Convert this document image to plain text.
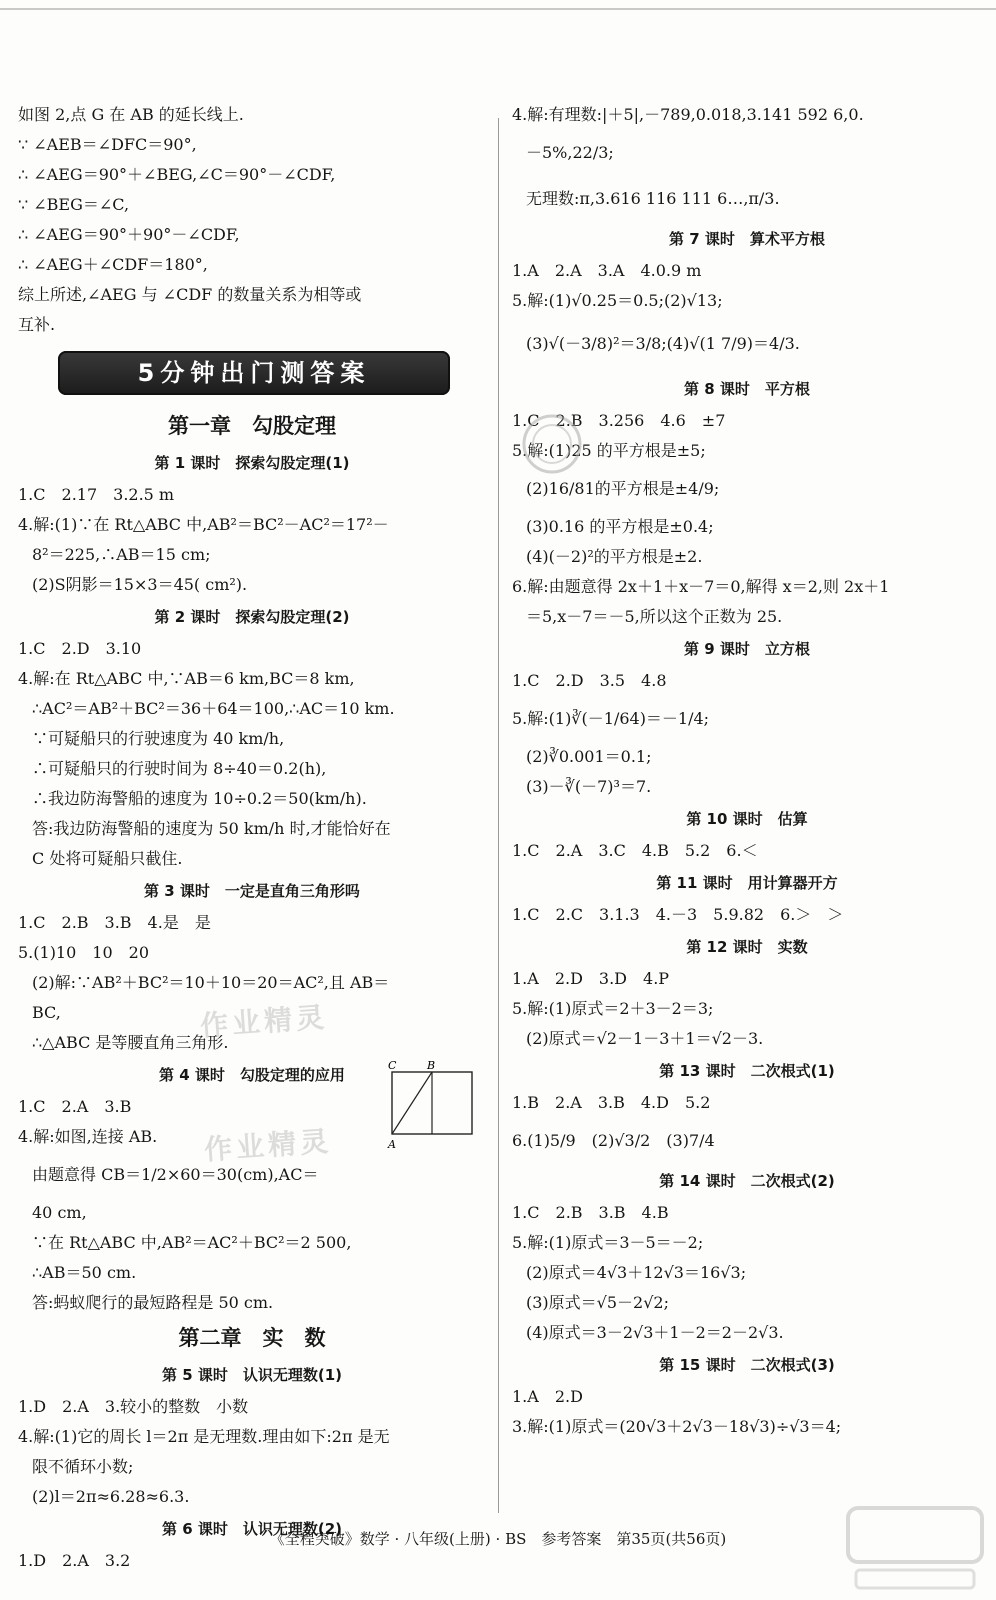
如图 2,点 G 在 AB 的延长线上.
∵ ∠AEB＝∠DFC＝90°,
∴ ∠AEG＝90°＋∠BEG,∠C＝90°－∠CDF,
∵ ∠BEG＝∠C,
∴ ∠AEG＝90°＋90°－∠CDF,
∴ ∠AEG＋∠CDF＝180°,
综上所述,∠AEG 与 ∠CDF 的数量关系为相等或
互补.
5分钟出门测答案
第一章　勾股定理
第 1 课时　探索勾股定理(1)
1.C　2.17　3.2.5 m
4.解:(1)∵在 Rt△ABC 中,AB²＝BC²－AC²＝17²－
8²＝225,∴AB＝15 cm;
(2)S阴影＝15×3＝45( cm²).
第 2 课时　探索勾股定理(2)
1.C　2.D　3.10
4.解:在 Rt△ABC 中,∵AB＝6 km,BC＝8 km,
∴AC²＝AB²＋BC²＝36＋64＝100,∴AC＝10 km.
∵可疑船只的行驶速度为 40 km/h,
∴可疑船只的行驶时间为 8÷40＝0.2(h),
∴我边防海警船的速度为 10÷0.2＝50(km/h).
答:我边防海警船的速度为 50 km/h 时,才能恰好在
C 处将可疑船只截住.
第 3 课时　一定是直角三角形吗
1.C　2.B　3.B　4.是　是
5.(1)10　10　20
(2)解:∵AB²＋BC²＝10＋10＝20＝AC²,且 AB＝
BC,
∴△ABC 是等腰直角三角形.
第 4 课时　勾股定理的应用
1.C　2.A　3.B
4.解:如图,连接 AB.
由题意得 CB＝1/2×60＝30(cm),AC＝
40 cm,
∵在 Rt△ABC 中,AB²＝AC²＋BC²＝2 500,
∴AB＝50 cm.
答:蚂蚁爬行的最短路程是 50 cm.
第二章　实　数
第 5 课时　认识无理数(1)
1.D　2.A　3.较小的整数　小数
4.解:(1)它的周长 l＝2π 是无理数.理由如下:2π 是无
限不循环小数;
(2)l＝2π≈6.28≈6.3.
第 6 课时　认识无理数(2)
1.D　2.A　3.2
C	B
A
4.解:有理数:|＋5|,－789,0.018,3.141 592 6,0.
－5%,22/3;
无理数:π,3.616 116 111 6…,π/3.
第 7 课时　算术平方根
1.A　2.A　3.A　4.0.9 m
5.解:(1)√0.25＝0.5;(2)√13;
(3)√(－3/8)²＝3/8;(4)√(1 7/9)＝4/3.
第 8 课时　平方根
1.C　2.B　3.256　4.6　±7
5.解:(1)25 的平方根是±5;
(2)16/81的平方根是±4/9;
(3)0.16 的平方根是±0.4;
(4)(－2)²的平方根是±2.
6.解:由题意得 2x＋1＋x－7＝0,解得 x＝2,则 2x＋1
＝5,x－7＝－5,所以这个正数为 25.
第 9 课时　立方根
1.C　2.D　3.5　4.8
5.解:(1)∛(－1/64)＝－1/4;
(2)∛0.001＝0.1;
(3)－∛(－7)³＝7.
第 10 课时　估算
1.C　2.A　3.C　4.B　5.2　6.＜
第 11 课时　用计算器开方
1.C　2.C　3.1.3　4.－3　5.9.82　6.＞　＞
第 12 课时　实数
1.A　2.D　3.D　4.P
5.解:(1)原式＝2＋3－2＝3;
(2)原式＝√2－1－3＋1＝√2－3.
第 13 课时　二次根式(1)
1.B　2.A　3.B　4.D　5.2
6.(1)5/9　(2)√3/2　(3)7/4
第 14 课时　二次根式(2)
1.C　2.B　3.B　4.B
5.解:(1)原式＝3－5＝－2;
(2)原式＝4√3＋12√3＝16√3;
(3)原式＝√5－2√2;
(4)原式＝3－2√3＋1－2＝2－2√3.
第 15 课时　二次根式(3)
1.A　2.D
3.解:(1)原式＝(20√3＋2√3－18√3)÷√3＝4;
作业精灵
作业精灵
《全程突破》数学 · 八年级(上册) · BS　参考答案　第35页(共56页)
